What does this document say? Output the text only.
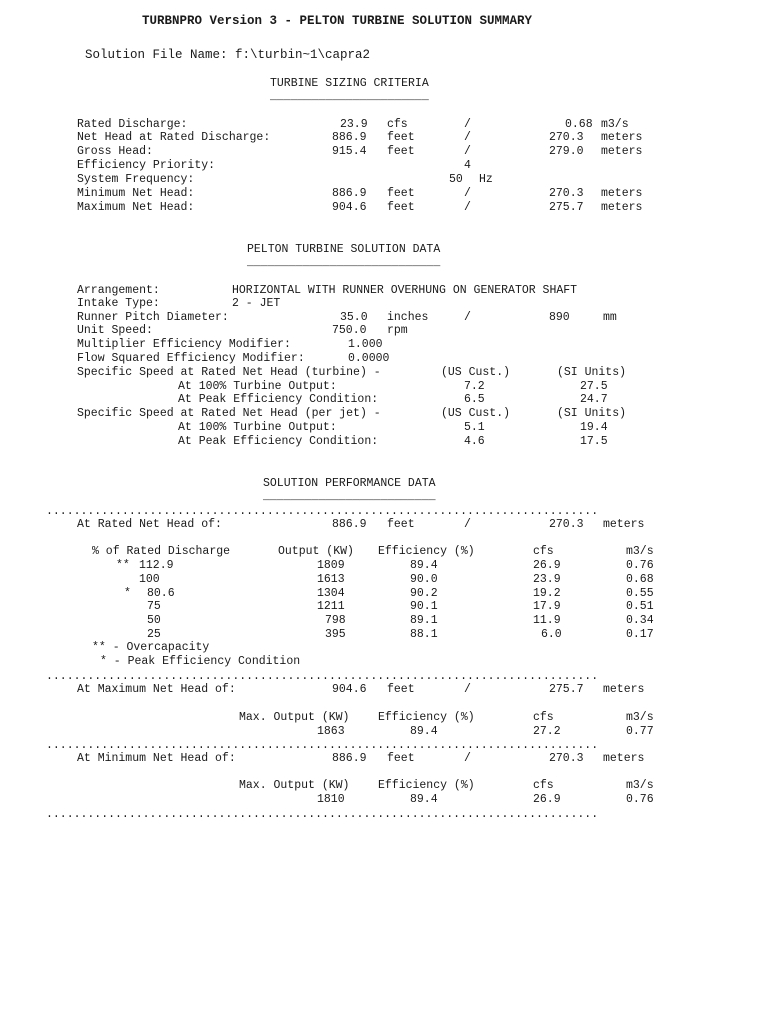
TURBNPRO Version 3 - PELTON TURBINE SOLUTION SUMMARY
Solution File Name: f:\turbin~1\capra2
TURBINE SIZING CRITERIA
_______________________
Rated Discharge:	23.9 cfs	/	0.68 m3/s
Net Head at Rated Discharge:	886.9 feet	/	270.3 meters
Gross Head:	915.4 feet	/	279.0 meters
Efficiency Priority:	4
System Frequency:	50 Hz
Minimum Net Head:	886.9 feet	/	270.3 meters
Maximum Net Head:	904.6 feet	/	275.7 meters
PELTON TURBINE SOLUTION DATA
____________________________
Arrangement:	HORIZONTAL WITH RUNNER OVERHUNG ON GENERATOR SHAFT
Intake Type:	2 - JET
Runner Pitch Diameter:	35.0 inches	/	890	mm
Unit Speed:	750.0 rpm
Multiplier Efficiency Modifier:	1.000
Flow Squared Efficiency Modifier:	0.0000
Specific Speed at Rated Net Head (turbine) -	(US Cust.)	(SI Units)
At 100% Turbine Output:	7.2	27.5
At Peak Efficiency Condition:	6.5	24.7
Specific Speed at Rated Net Head (per jet) -	(US Cust.)	(SI Units)
At 100% Turbine Output:	5.1	19.4
At Peak Efficiency Condition:	4.6	17.5
SOLUTION PERFORMANCE DATA
_________________________
................................................................................
At Rated Net Head of:	886.9 feet	/	270.3 meters
% of Rated Discharge	Output (KW) Efficiency (%)	cfs	m3/s
** 112.9	1809	89.4	26.9	0.76
100	1613	90.0	23.9	0.68
* 80.6	1304	90.2	19.2	0.55
75	1211	90.1	17.9	0.51
50	798	89.1	11.9	0.34
25	395	88.1	6.0	0.17
** - Overcapacity
* - Peak Efficiency Condition
................................................................................
At Maximum Net Head of:	904.6 feet	/	275.7 meters
Max. Output (KW) Efficiency (%)	cfs	m3/s
1863	89.4	27.2	0.77
................................................................................
At Minimum Net Head of:	886.9 feet	/	270.3 meters
Max. Output (KW) Efficiency (%)	cfs	m3/s
1810	89.4	26.9	0.76
................................................................................
